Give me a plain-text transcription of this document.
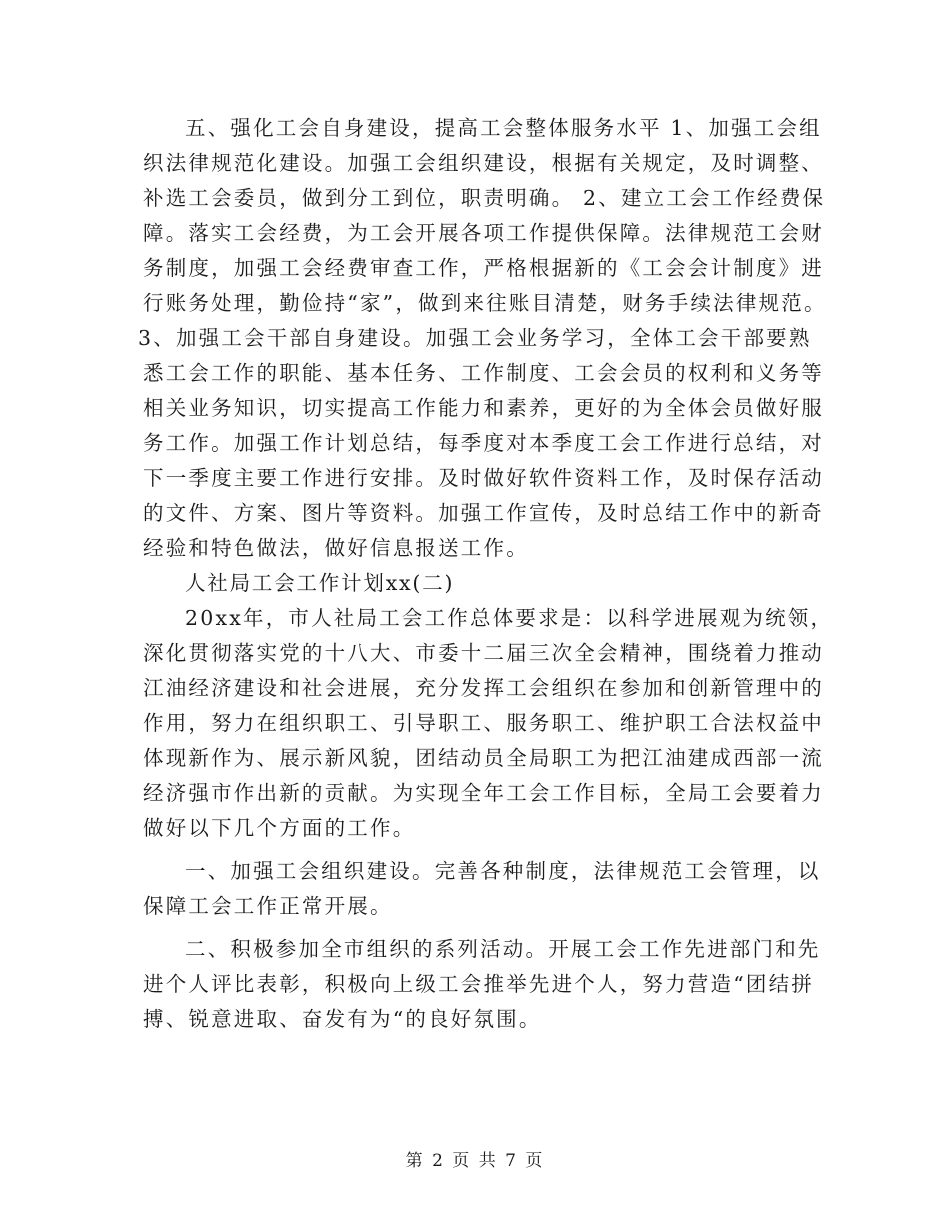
五、强化工会自身建设，提高工会整体服务水平 1、加强工会组
织法律规范化建设。加强工会组织建设，根据有关规定，及时调整、
补选工会委员，做到分工到位，职责明确。 2、建立工会工作经费保
障。落实工会经费，为工会开展各项工作提供保障。法律规范工会财
务制度，加强工会经费审查工作，严格根据新的《工会会计制度》进
行账务处理，勤俭持“家”，做到来往账目清楚，财务手续法律规范。
3、加强工会干部自身建设。加强工会业务学习，全体工会干部要熟
悉工会工作的职能、基本任务、工作制度、工会会员的权利和义务等
相关业务知识，切实提高工作能力和素养，更好的为全体会员做好服
务工作。加强工作计划总结，每季度对本季度工会工作进行总结，对
下一季度主要工作进行安排。及时做好软件资料工作，及时保存活动
的文件、方案、图片等资料。加强工作宣传，及时总结工作中的新奇
经验和特色做法，做好信息报送工作。
人社局工会工作计划xx(二)
20xx年，市人社局工会工作总体要求是：以科学进展观为统领，
深化贯彻落实党的十八大、市委十二届三次全会精神，围绕着力推动
江油经济建设和社会进展，充分发挥工会组织在参加和创新管理中的
作用，努力在组织职工、引导职工、服务职工、维护职工合法权益中
体现新作为、展示新风貌，团结动员全局职工为把江油建成西部一流
经济强市作出新的贡献。为实现全年工会工作目标，全局工会要着力
做好以下几个方面的工作。
一、加强工会组织建设。完善各种制度，法律规范工会管理，以
保障工会工作正常开展。
二、积极参加全市组织的系列活动。开展工会工作先进部门和先
进个人评比表彰，积极向上级工会推举先进个人，努力营造“团结拼
搏、锐意进取、奋发有为“的良好氛围。
第 2 页 共 7 页
